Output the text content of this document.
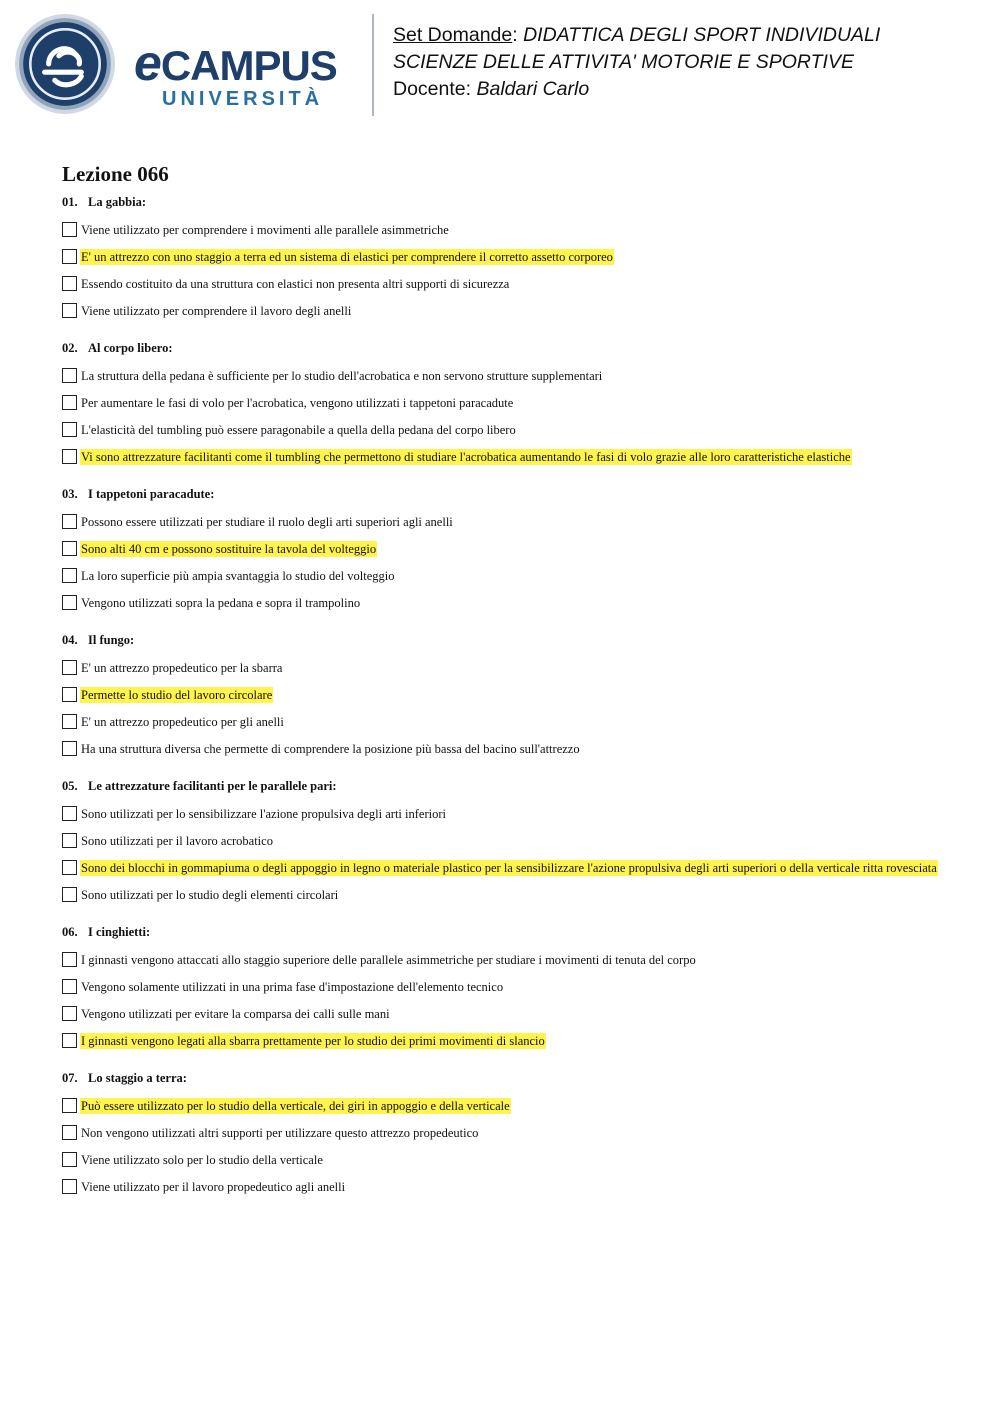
eCAMPUS
UNIVERSITÀ
Set Domande: DIDATTICA DEGLI SPORT INDIVIDUALI
SCIENZE DELLE ATTIVITA' MOTORIE E SPORTIVE
Docente: Baldari Carlo
Lezione 066
01. La gabbia:
Viene utilizzato per comprendere i movimenti alle parallele asimmetriche
E' un attrezzo con uno staggio a terra ed un sistema di elastici per comprendere il corretto assetto corporeo
Essendo costituito da una struttura con elastici non presenta altri supporti di sicurezza
Viene utilizzato per comprendere il lavoro degli anelli
02. Al corpo libero:
La struttura della pedana è sufficiente per lo studio dell'acrobatica e non servono strutture supplementari
Per aumentare le fasi di volo per l'acrobatica, vengono utilizzati i tappetoni paracadute
L'elasticità del tumbling può essere paragonabile a quella della pedana del corpo libero
Vi sono attrezzature facilitanti come il tumbling che permettono di studiare l'acrobatica aumentando le fasi di volo grazie alle loro caratteristiche elastiche
03. I tappetoni paracadute:
Possono essere utilizzati per studiare il ruolo degli arti superiori agli anelli
Sono alti 40 cm e possono sostituire la tavola del volteggio
La loro superficie più ampia svantaggia lo studio del volteggio
Vengono utilizzati sopra la pedana e sopra il trampolino
04. Il fungo:
E' un attrezzo propedeutico per la sbarra
Permette lo studio del lavoro circolare
E' un attrezzo propedeutico per gli anelli
Ha una struttura diversa che permette di comprendere la posizione più bassa del bacino sull'attrezzo
05. Le attrezzature facilitanti per le parallele pari:
Sono utilizzati per lo sensibilizzare l'azione propulsiva degli arti inferiori
Sono utilizzati per il lavoro acrobatico
Sono dei blocchi in gommapiuma o degli appoggio in legno o materiale plastico per la sensibilizzare l'azione propulsiva degli arti superiori o della verticale ritta rovesciata
Sono utilizzati per lo studio degli elementi circolari
06. I cinghietti:
I ginnasti vengono attaccati allo staggio superiore delle parallele asimmetriche per studiare i movimenti di tenuta del corpo
Vengono solamente utilizzati in una prima fase d'impostazione dell'elemento tecnico
Vengono utilizzati per evitare la comparsa dei calli sulle mani
I ginnasti vengono legati alla sbarra prettamente per lo studio dei primi movimenti di slancio
07. Lo staggio a terra:
Può essere utilizzato per lo studio della verticale, dei giri in appoggio e della verticale
Non vengono utilizzati altri supporti per utilizzare questo attrezzo propedeutico
Viene utilizzato solo per lo studio della verticale
Viene utilizzato per il lavoro propedeutico agli anelli
